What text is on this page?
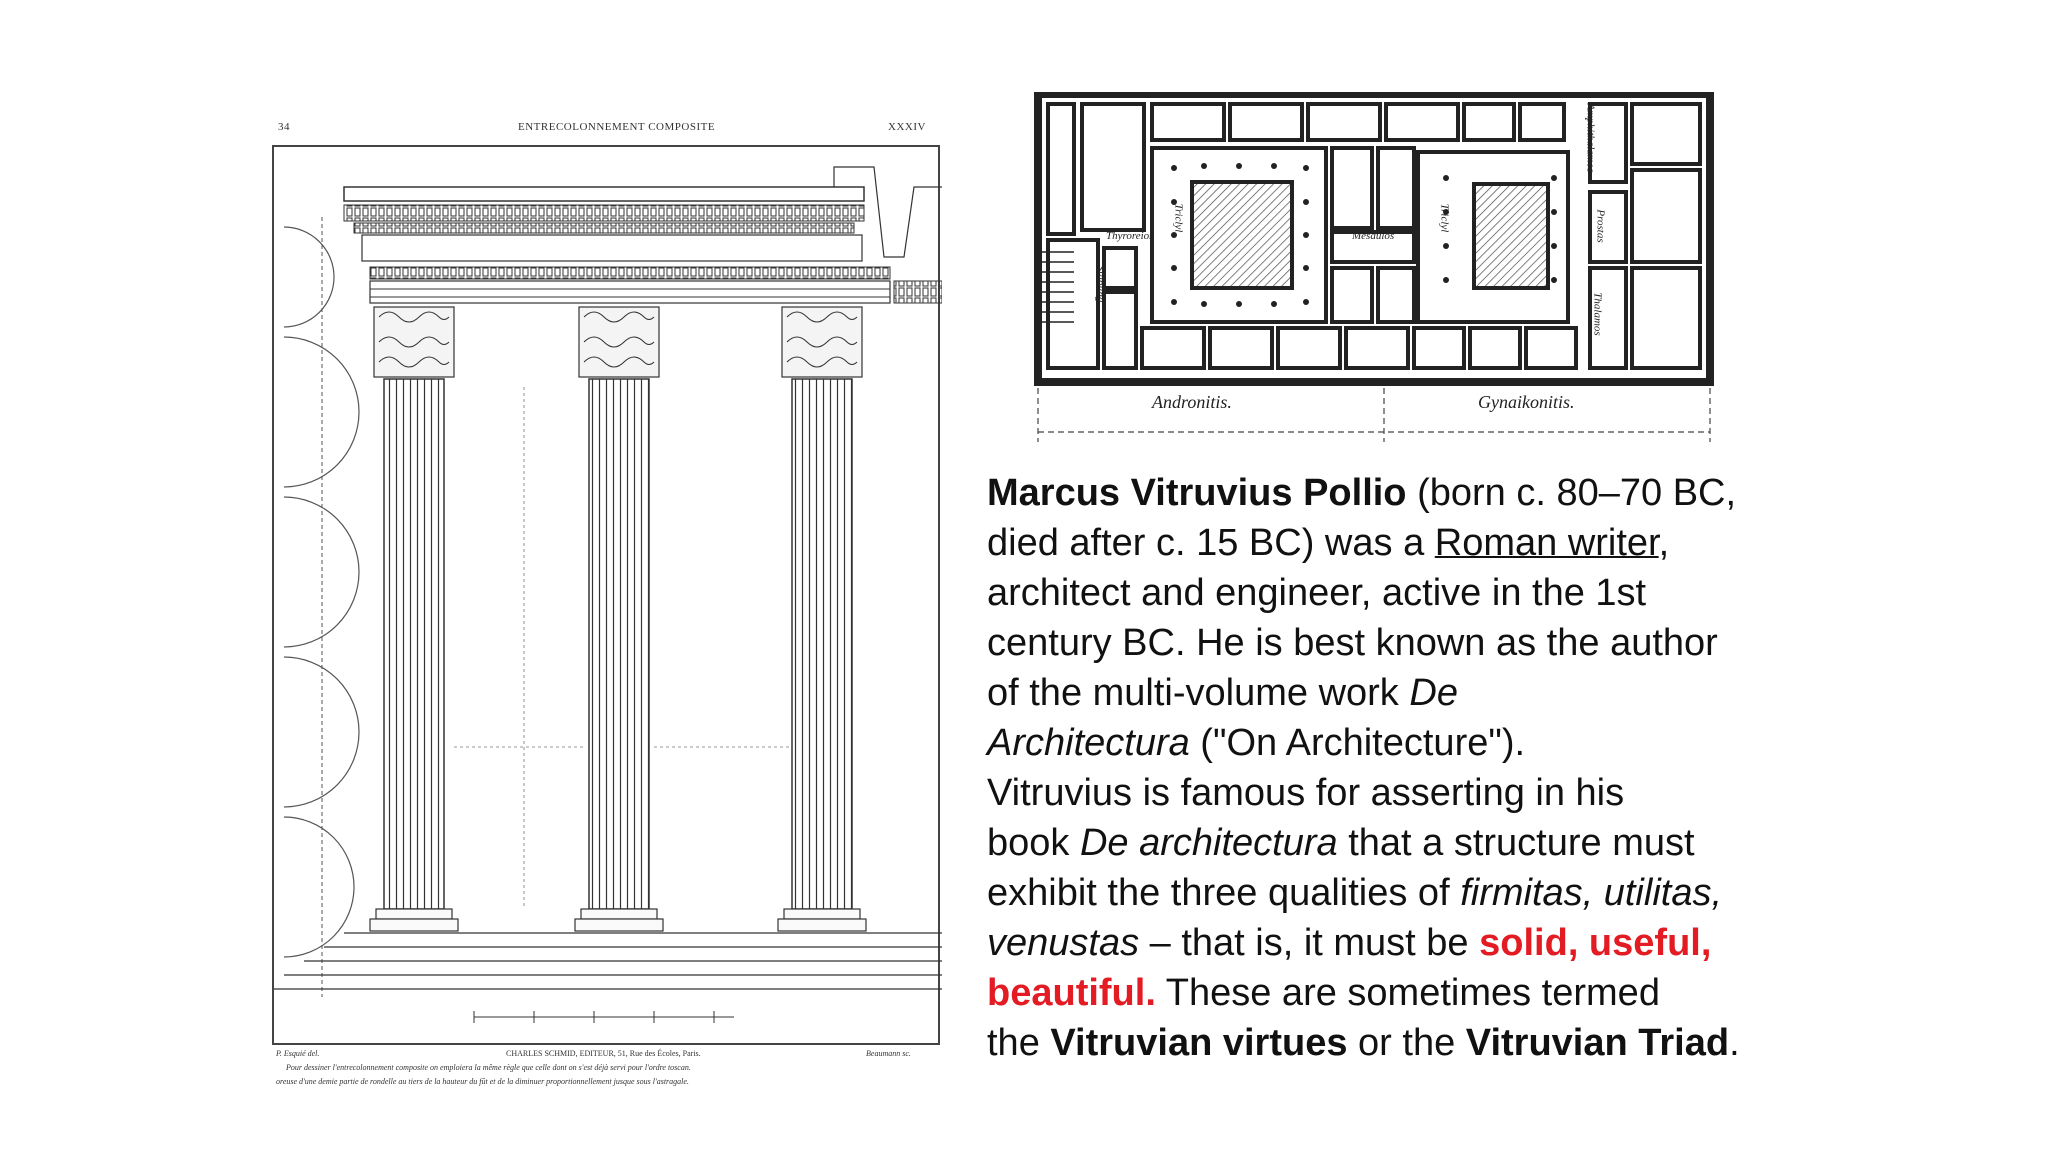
34	ENTRECOLONNEMENT COMPOSITE	XXXIV
P. Esquié del.	CHARLES SCHMID, EDITEUR, 51, Rue des Écoles, Paris.	Beaumann sc.
Pour dessiner l'entrecolonnement composite on emploiera la même règle que celle dont on s'est déjà servi pour l'ordre toscan.
oreuse d'une demie partie de rondelle au tiers de la hauteur du fût et de la diminuer proportionnellement jusque sous l'astragale.
Thyroreion	Mesaulos
Stabling
Triclyl	Triclyl	Prostas
Thalamos
Amphithalamos
Andronitis.	Gynaikonitis.
Marcus Vitruvius Pollio (born c. 80–70 BC,
died after c. 15 BC) was a Roman writer,
architect and engineer, active in the 1st
century BC. He is best known as the author
of the multi-volume work De
Architectura ("On Architecture").
Vitruvius is famous for asserting in his
book De architectura that a structure must
exhibit the three qualities of firmitas, utilitas,
venustas – that is, it must be solid, useful,
beautiful. These are sometimes termed
the Vitruvian virtues or the Vitruvian Triad.
